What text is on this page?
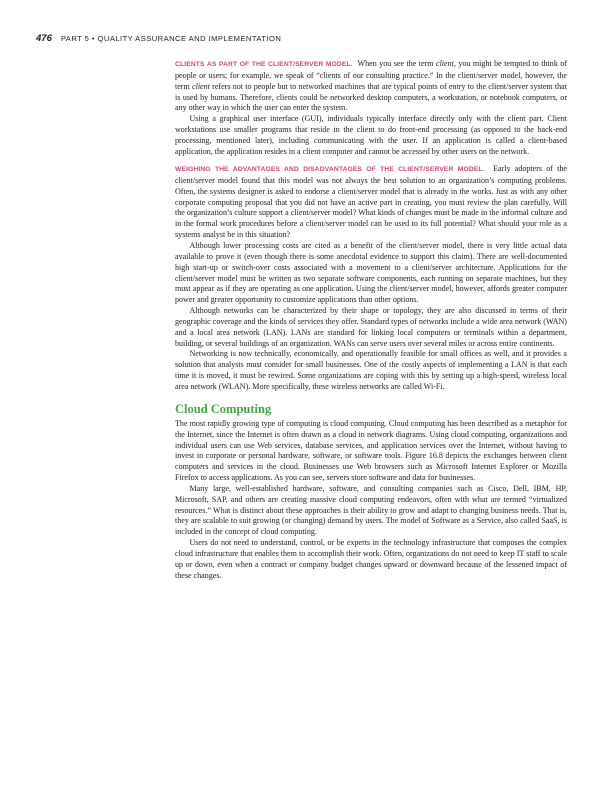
476 PART 5 • QUALITY ASSURANCE AND IMPLEMENTATION

CLIENTS AS PART OF THE CLIENT/SERVER MODEL. When you see the term client, you might be tempted to think of people or users; for example, we speak of “clients of our consulting practice.” In the client/server model, however, the term client refers not to people but to networked machines that are typical points of entry to the client/server system that is used by humans. Therefore, clients could be networked desktop computers, a workstation, or notebook computers, or any other way in which the user can enter the system.

Using a graphical user interface (GUI), individuals typically interface directly only with the client part. Client workstations use smaller programs that reside in the client to do front-end processing (as opposed to the back-end processing, mentioned later), including communicating with the user. If an application is called a client-based application, the application resides in a client computer and cannot be accessed by other users on the network.

WEIGHING THE ADVANTAGES AND DISADVANTAGES OF THE CLIENT/SERVER MODEL. Early adopters of the client/server model found that this model was not always the best solution to an organization’s computing problems. Often, the systems designer is asked to endorse a client/server model that is already in the works. Just as with any other corporate computing proposal that you did not have an active part in creating, you must review the plan carefully. Will the organization’s culture support a client/server model? What kinds of changes must be made in the informal culture and in the formal work procedures before a client/server model can be used to its full potential? What should your role as a systems analyst be in this situation?

Although lower processing costs are cited as a benefit of the client/server model, there is very little actual data available to prove it (even though there is some anecdotal evidence to support this claim). There are well-documented high start-up or switch-over costs associated with a movement to a client/server architecture. Applications for the client/server model must be written as two separate software components, each running on separate machines, but they must appear as if they are operating as one application. Using the client/server model, however, affords greater computer power and greater opportunity to customize applications than other options.

Although networks can be characterized by their shape or topology, they are also discussed in terms of their geographic coverage and the kinds of services they offer. Standard types of networks include a wide area network (WAN) and a local area network (LAN). LANs are standard for linking local computers or terminals within a department, building, or several buildings of an organization. WANs can serve users over several miles or across entire continents.

Networking is now technically, economically, and operationally feasible for small offices as well, and it provides a solution that analysts must consider for small businesses. One of the costly aspects of implementing a LAN is that each time it is moved, it must be rewired. Some organizations are coping with this by setting up a high-speed, wireless local area network (WLAN). More specifically, these wireless networks are called Wi-Fi.

Cloud Computing

The most rapidly growing type of computing is cloud computing. Cloud computing has been described as a metaphor for the Internet, since the Internet is often drawn as a cloud in network diagrams. Using cloud computing, organizations and individual users can use Web services, database services, and application services over the Internet, without having to invest in corporate or personal hardware, software, or software tools. Figure 16.8 depicts the exchanges between client computers and services in the cloud. Businesses use Web browsers such as Microsoft Internet Explorer or Mozilla Firefox to access applications. As you can see, servers store software and data for businesses.

Many large, well-established hardware, software, and consulting companies such as Cisco, Dell, IBM, HP, Microsoft, SAP, and others are creating massive cloud computing endeavors, often with what are termed “virtualized resources.” What is distinct about these approaches is their ability to grow and adapt to changing business needs. That is, they are scalable to suit growing (or changing) demand by users. The model of Software as a Service, also called SaaS, is included in the concept of cloud computing.

Users do not need to understand, control, or be experts in the technology infrastructure that composes the complex cloud infrastructure that enables them to accomplish their work. Often, organizations do not need to keep IT staff to scale up or down, even when a contract or company budget changes upward or downward because of the lessened impact of these changes.
